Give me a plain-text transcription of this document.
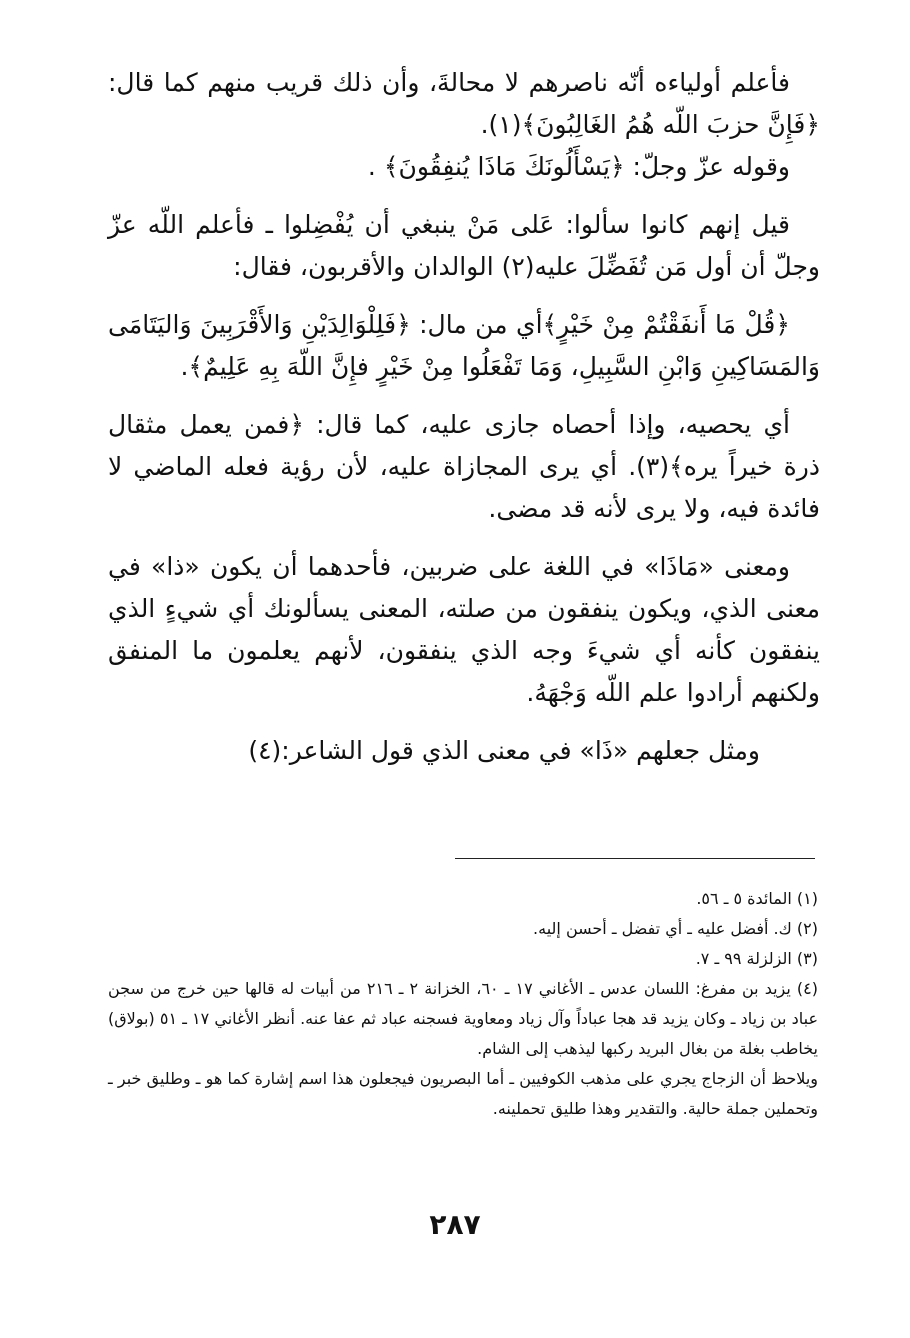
فأعلم أولياءه أنّه ناصرهم لا محالةَ، وأن ذلك قريب منهم كما قال: ﴿فَإِنَّ حزبَ اللّه هُمُ الغَالِبُونَ﴾(١).

وقوله عزّ وجلّ: ﴿يَسْأَلُونَكَ مَاذَا يُنفِقُونَ﴾ .

قيل إنهم كانوا سألوا: عَلى مَنْ ينبغي أن يُفْضِلوا ـ فأعلم اللّه عزّ وجلّ أن أول مَن تُفَضِّلَ عليه(٢) الوالدان والأقربون، فقال:

﴿قُلْ مَا أَنفَقْتُمْ مِنْ خَيْرٍ﴾أي من مال: ﴿فَلِلْوَالِدَيْنِ وَالأَقْرَبِينَ وَاليَتَامَى وَالمَسَاكِينِ وَابْنِ السَّبِيلِ، وَمَا تَفْعَلُوا مِنْ خَيْرٍ فإِنَّ اللّهَ بِهِ عَلِيمٌ﴾.

أي يحصيه، وإذا أحصاه جازى عليه، كما قال: ﴿فمن يعمل مثقال ذرة خيراً يره﴾(٣). أي يرى المجازاة عليه، لأن رؤية فعله الماضي لا فائدة فيه، ولا يرى لأنه قد مضى.

ومعنى «مَاذَا» في اللغة على ضربين، فأحدهما أن يكون «ذا» في معنى الذي، ويكون ينفقون من صلته، المعنى يسألونك أي شيءٍ الذي ينفقون كأنه أي شيءَ وجه الذي ينفقون، لأنهم يعلمون ما المنفق ولكنهم أرادوا علم اللّه وَجْهَهُ.

ومثل جعلهم «ذَا» في معنى الذي قول الشاعر:(٤)

(١) المائدة ٥ ـ ٥٦.

(٢) ك. أفضل عليه ـ أي تفضل ـ أحسن إليه.

(٣) الزلزلة ٩٩ ـ ٧.

(٤) يزيد بن مفرغ: اللسان عدس ـ الأغاني ١٧ ـ ٦٠، الخزانة ٢ ـ ٢١٦ من أبيات له قالها حين خرج من سجن عباد بن زياد ـ وكان يزيد قد هجا عباداً وآل زياد ومعاوية فسجنه عباد ثم عفا عنه. أنظر الأغاني ١٧ ـ ٥١ (بولاق) يخاطب بغلة من بغال البريد ركبها ليذهب إلى الشام.

ويلاحظ أن الزجاج يجري على مذهب الكوفيين ـ أما البصريون فيجعلون هذا اسم إشارة كما هو ـ وطليق خبر ـ وتحملين جملة حالية. والتقدير وهذا طليق تحملينه.

٢٨٧
